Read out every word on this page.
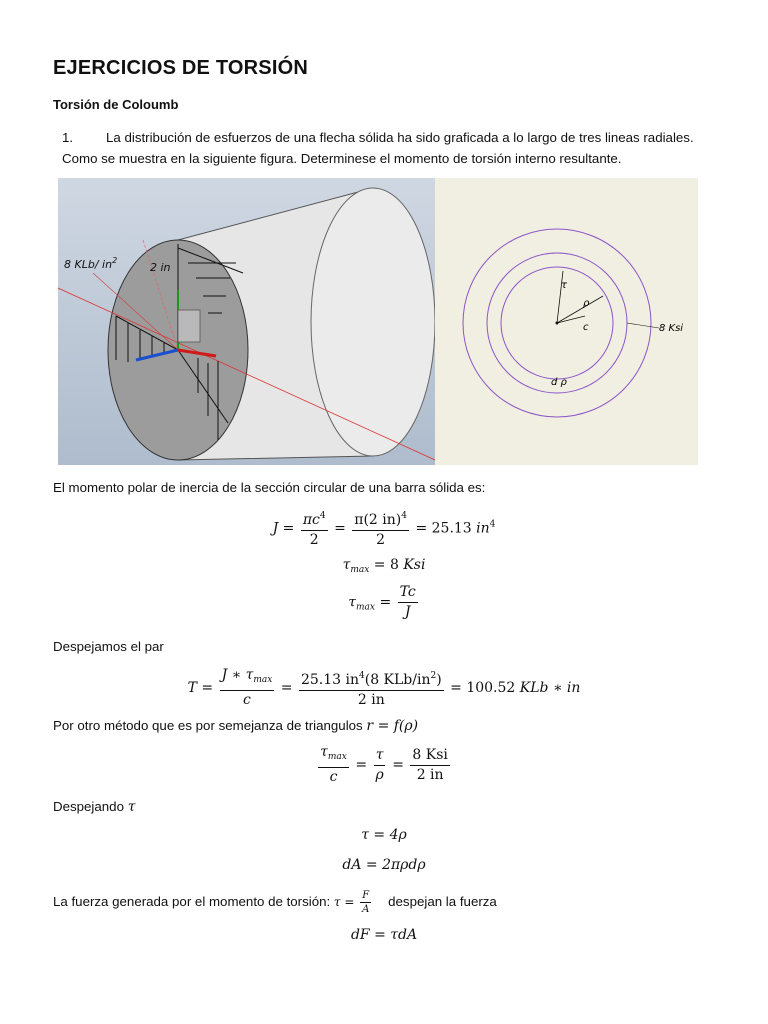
EJERCICIOS DE TORSIÓN
Torsión de Coloumb
1. La distribución de esfuerzos de una flecha sólida ha sido graficada a lo largo de tres lineas radiales.
Como se muestra en la siguiente figura. Determinese el momento de torsión interno resultante.
8 KLb/ $in^2$
2 in
τ
ρ
c	8 Ksi
d ρ
El momento polar de inercia de la sección circular de una barra sólida es:
$J = \frac{\pi c^4}{2} = \frac{\pi(2 in)^4}{2} = 25.13$ $in^4$
$\tau_{max} = 8$ Ksi
$\tau_{max} = \frac{Tc}{J}$
Despejamos el par
$T = \frac{J ∗ \tau_{max}}{c} = \frac{25.13 in^4(8 KLb/in^2)}{2 in} = 100.52$ KLb ∗ in
Por otro método que es por semejanza de triangulos r = f(ρ)
$\frac{\tau_{max}}{c} = \frac{\tau}{\rho} = \frac{\text{8 Ksi}}{2 in}$
Despejando τ
τ = 4ρ
dA = 2πρdρ
La fuerza generada por el momento de torsión: $\tau = \frac{F}{A}$ despejan la fuerza
dF = τdA
